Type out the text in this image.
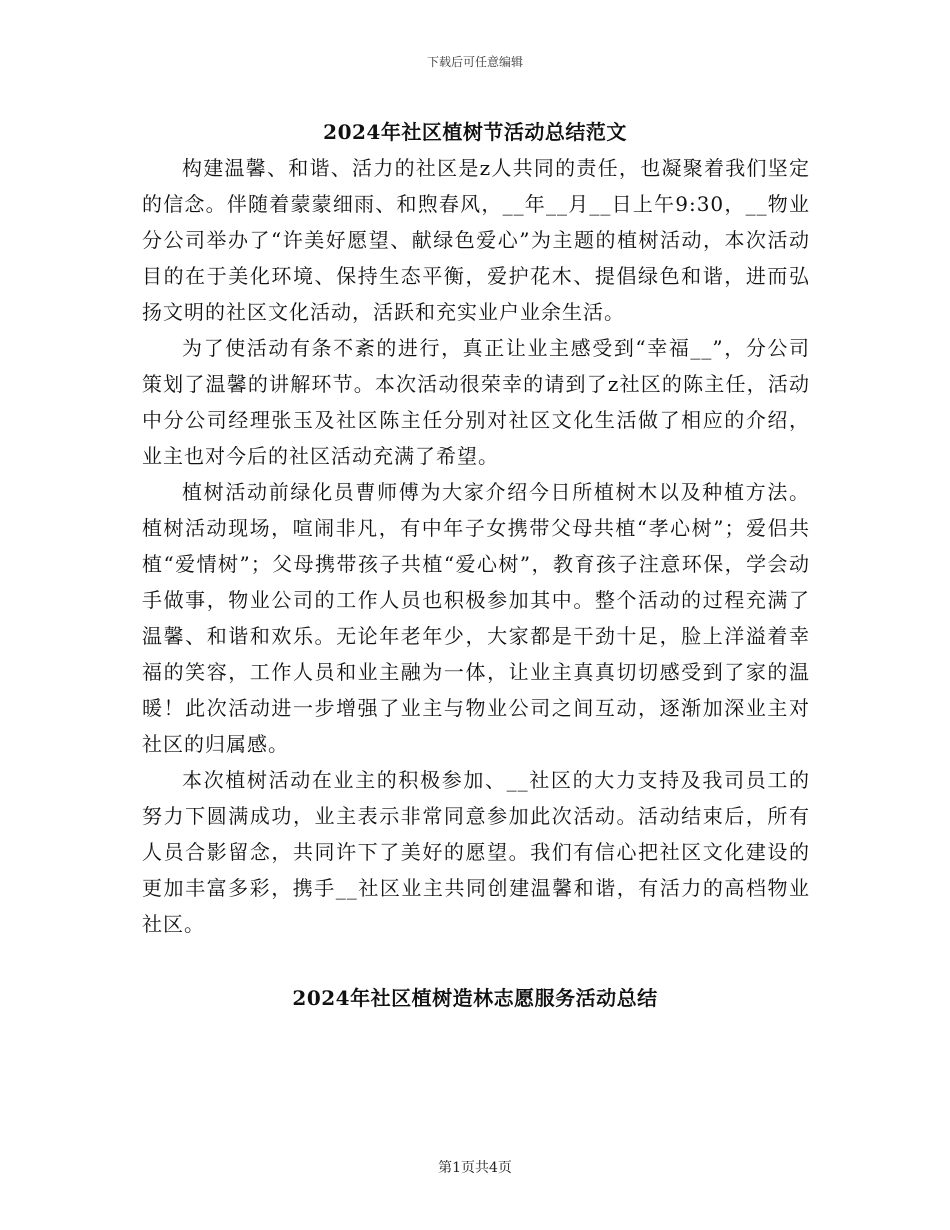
下载后可任意编辑
2024年社区植树节活动总结范文

构建温馨、和谐、活力的社区是z人共同的责任，也凝聚着我们坚定的信念。伴随着蒙蒙细雨、和煦春风，__年__月__日上午9:30，__物业分公司举办了“许美好愿望、献绿色爱心”为主题的植树活动，本次活动目的在于美化环境、保持生态平衡，爱护花木、提倡绿色和谐，进而弘扬文明的社区文化活动，活跃和充实业户业余生活。

为了使活动有条不紊的进行，真正让业主感受到“幸福__”，分公司策划了温馨的讲解环节。本次活动很荣幸的请到了z社区的陈主任，活动中分公司经理张玉及社区陈主任分别对社区文化生活做了相应的介绍，业主也对今后的社区活动充满了希望。

植树活动前绿化员曹师傅为大家介绍今日所植树木以及种植方法。植树活动现场，喧闹非凡，有中年子女携带父母共植“孝心树”；爱侣共植“爱情树”；父母携带孩子共植“爱心树”，教育孩子注意环保，学会动手做事，物业公司的工作人员也积极参加其中。整个活动的过程充满了温馨、和谐和欢乐。无论年老年少，大家都是干劲十足，脸上洋溢着幸福的笑容，工作人员和业主融为一体，让业主真真切切感受到了家的温暖！此次活动进一步增强了业主与物业公司之间互动，逐渐加深业主对社区的归属感。

本次植树活动在业主的积极参加、__社区的大力支持及我司员工的努力下圆满成功，业主表示非常同意参加此次活动。活动结束后，所有人员合影留念，共同许下了美好的愿望。我们有信心把社区文化建设的更加丰富多彩，携手__社区业主共同创建温馨和谐，有活力的高档物业社区。

2024年社区植树造林志愿服务活动总结
第1页共4页
